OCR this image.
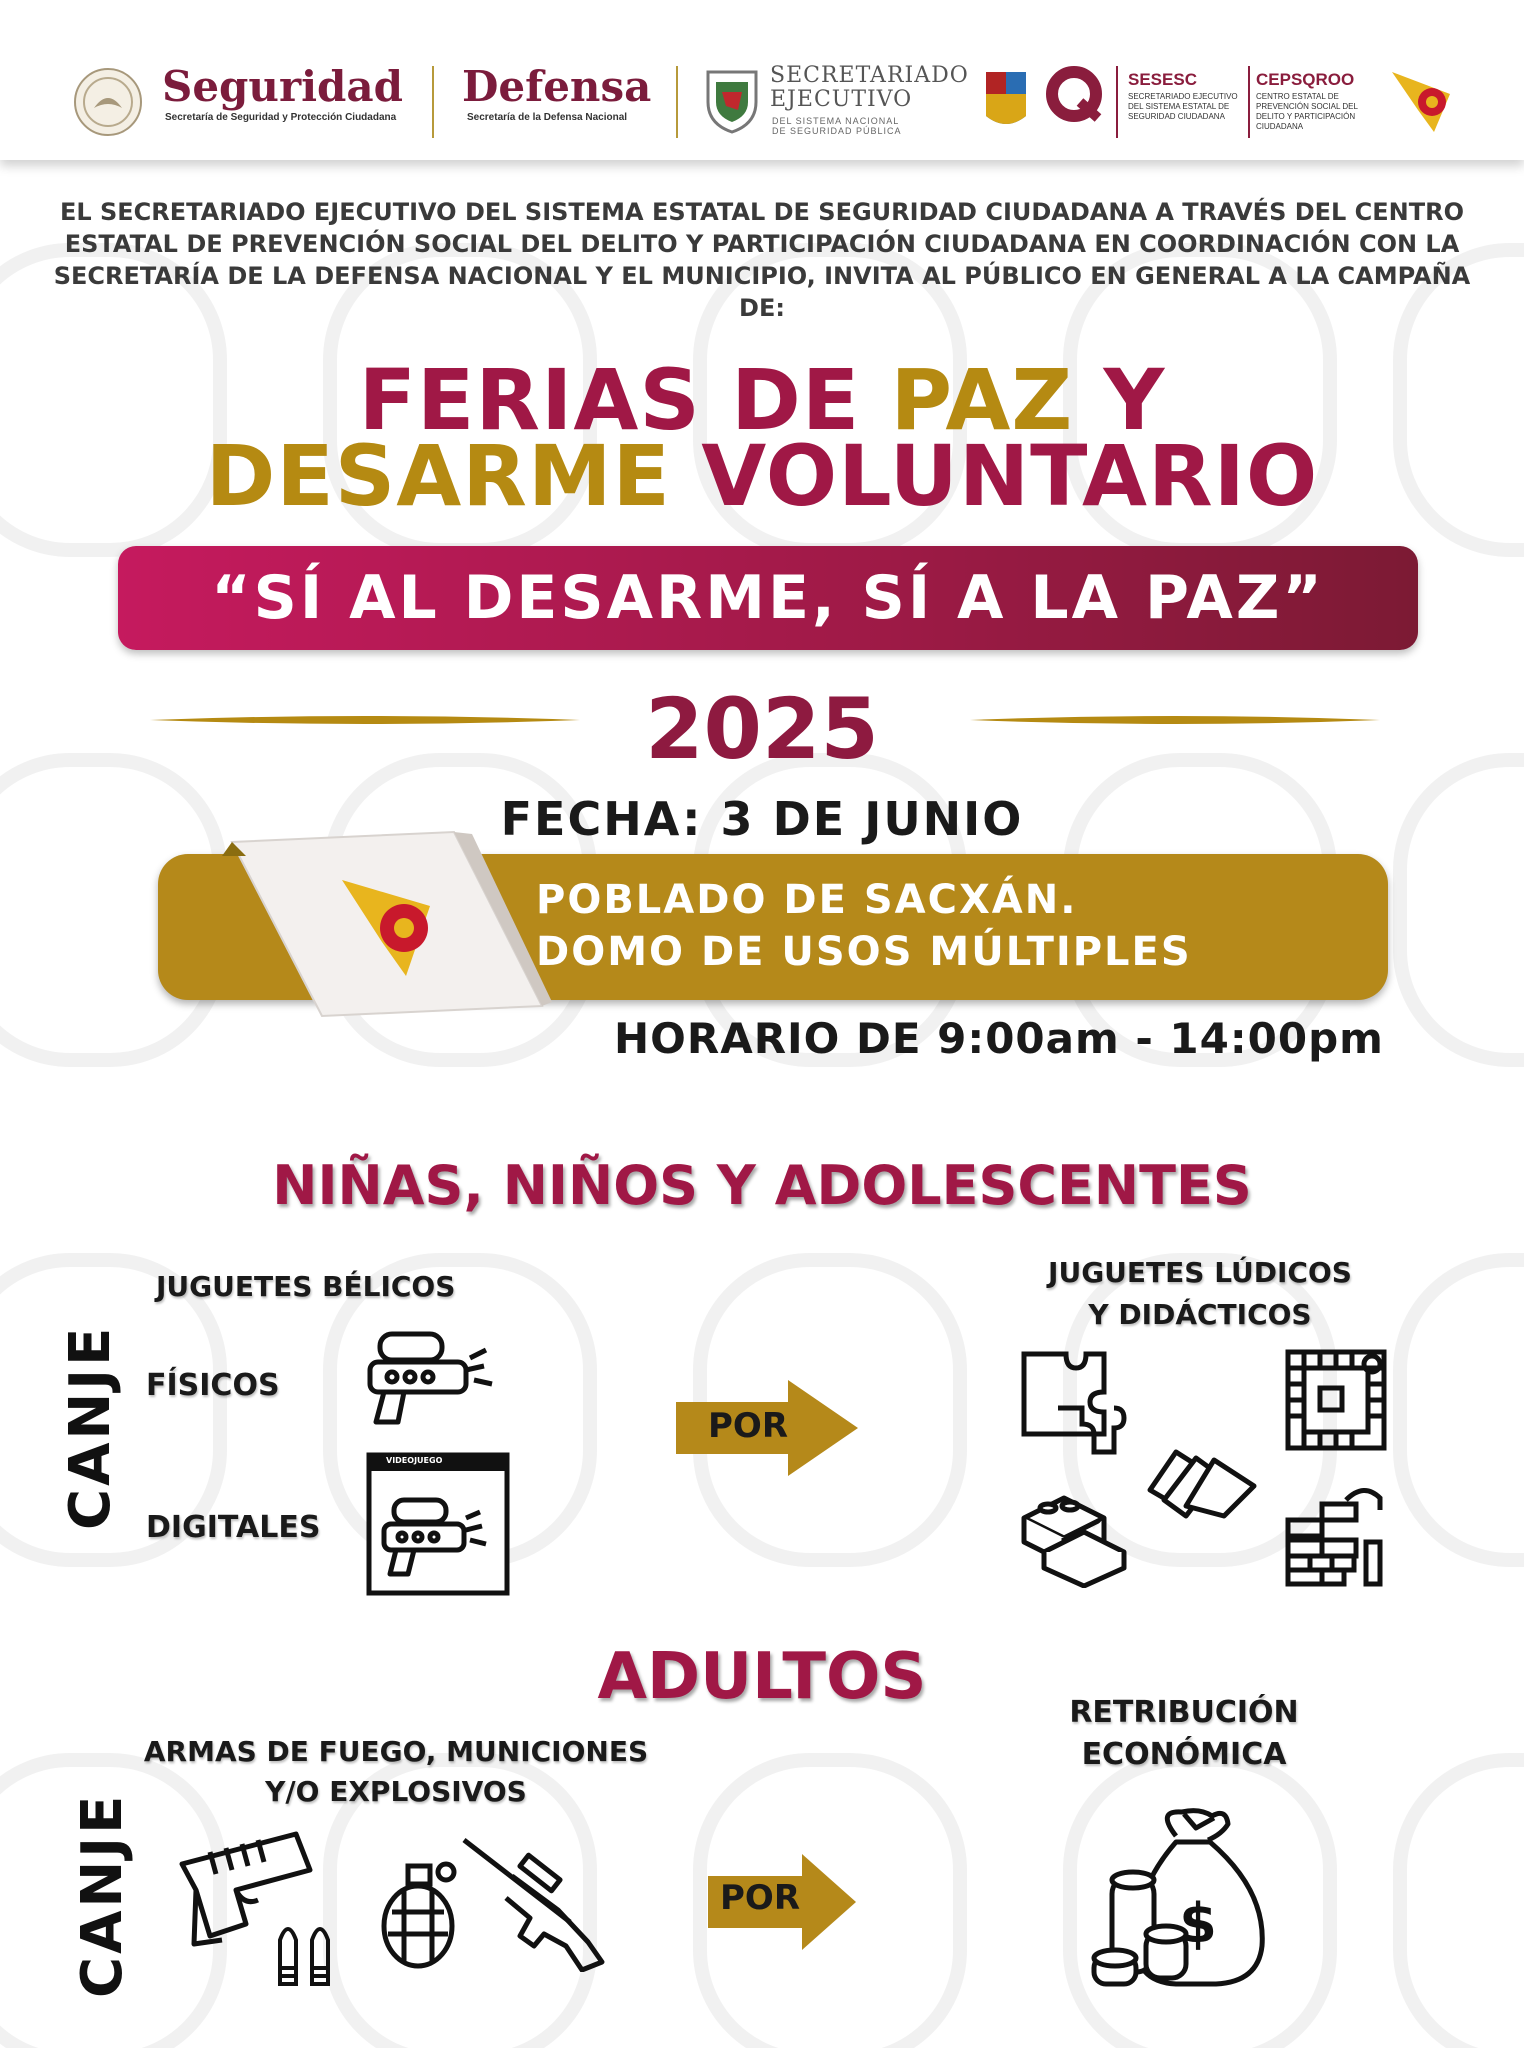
Seguridad
Secretaría de Seguridad y Protección Ciudadana
Defensa
Secretaría de la Defensa Nacional
SECRETARIADO
EJECUTIVO
DEL SISTEMA NACIONAL
DE SEGURIDAD PÚBLICA
SESESC
SECRETARIADO EJECUTIVO DEL SISTEMA ESTATAL DE SEGURIDAD CIUDADANA
CEPSQROO
CENTRO ESTATAL DE PREVENCIÓN SOCIAL DEL DELITO Y PARTICIPACIÓN CIUDADANA
EL SECRETARIADO EJECUTIVO DEL SISTEMA ESTATAL DE SEGURIDAD CIUDADANA A TRAVÉS DEL CENTRO ESTATAL DE PREVENCIÓN SOCIAL DEL DELITO Y PARTICIPACIÓN CIUDADANA EN COORDINACIÓN CON LA SECRETARÍA DE LA DEFENSA NACIONAL Y EL MUNICIPIO, INVITA AL PÚBLICO EN GENERAL A LA CAMPAÑA DE:
FERIAS DE PAZ Y
DESARME VOLUNTARIO
“SÍ AL DESARME, SÍ A LA PAZ”
2025
FECHA: 3 DE JUNIO
POBLADO DE SACXÁN.
DOMO DE USOS MÚLTIPLES
HORARIO DE 9:00am - 14:00pm
NIÑAS, NIÑOS Y ADOLESCENTES
JUGUETES BÉLICOS
CANJE FÍSICOS
DIGITALES
VIDEOJUEGO
POR
JUGUETES LÚDICOS
Y DIDÁCTICOS
ADULTOS
ARMAS DE FUEGO, MUNICIONES
Y/O EXPLOSIVOS
CANJE	POR
RETRIBUCIÓN
ECONÓMICA
$
